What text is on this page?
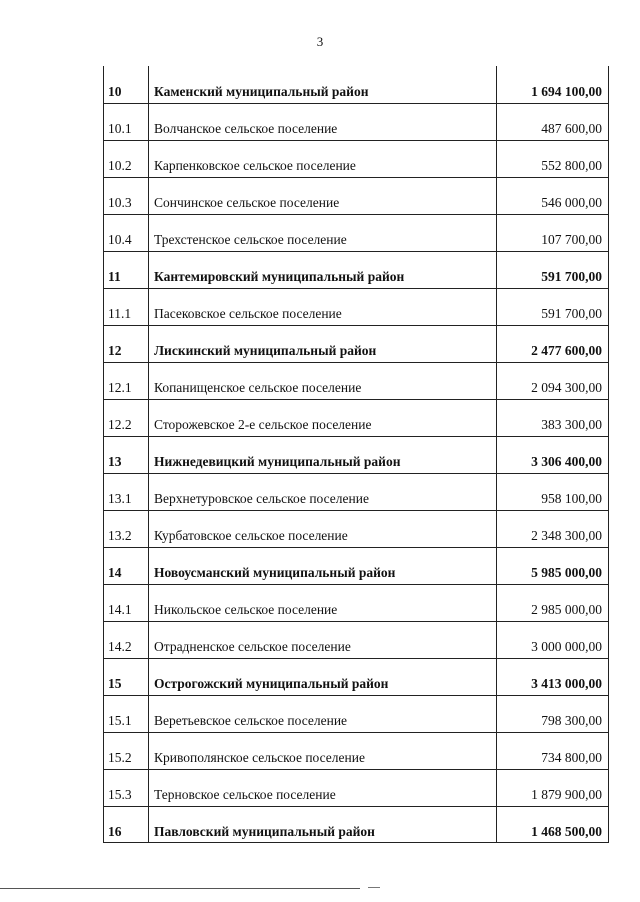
3
10 Каменский муниципальный район	1 694 100,00
10.1 Волчанское сельское поселение	487 600,00
10.2 Карпенковское сельское поселение	552 800,00
10.3 Сончинское сельское поселение	546 000,00
10.4 Трехстенское сельское поселение	107 700,00
11 Кантемировский муниципальный район	591 700,00
11.1 Пасековское сельское поселение	591 700,00
12 Лискинский муниципальный район	2 477 600,00
12.1 Копанищенское сельское поселение	2 094 300,00
12.2 Сторожевское 2-е сельское поселение	383 300,00
13 Нижнедевицкий муниципальный район	3 306 400,00
13.1 Верхнетуровское сельское поселение	958 100,00
13.2 Курбатовское сельское поселение	2 348 300,00
14 Новоусманский муниципальный район	5 985 000,00
14.1 Никольское сельское поселение	2 985 000,00
14.2 Отрадненское сельское поселение	3 000 000,00
15 Острогожский муниципальный район	3 413 000,00
15.1 Веретьевское сельское поселение	798 300,00
15.2 Кривополянское сельское поселение	734 800,00
15.3 Терновское сельское поселение	1 879 900,00
16 Павловский муниципальный район	1 468 500,00
